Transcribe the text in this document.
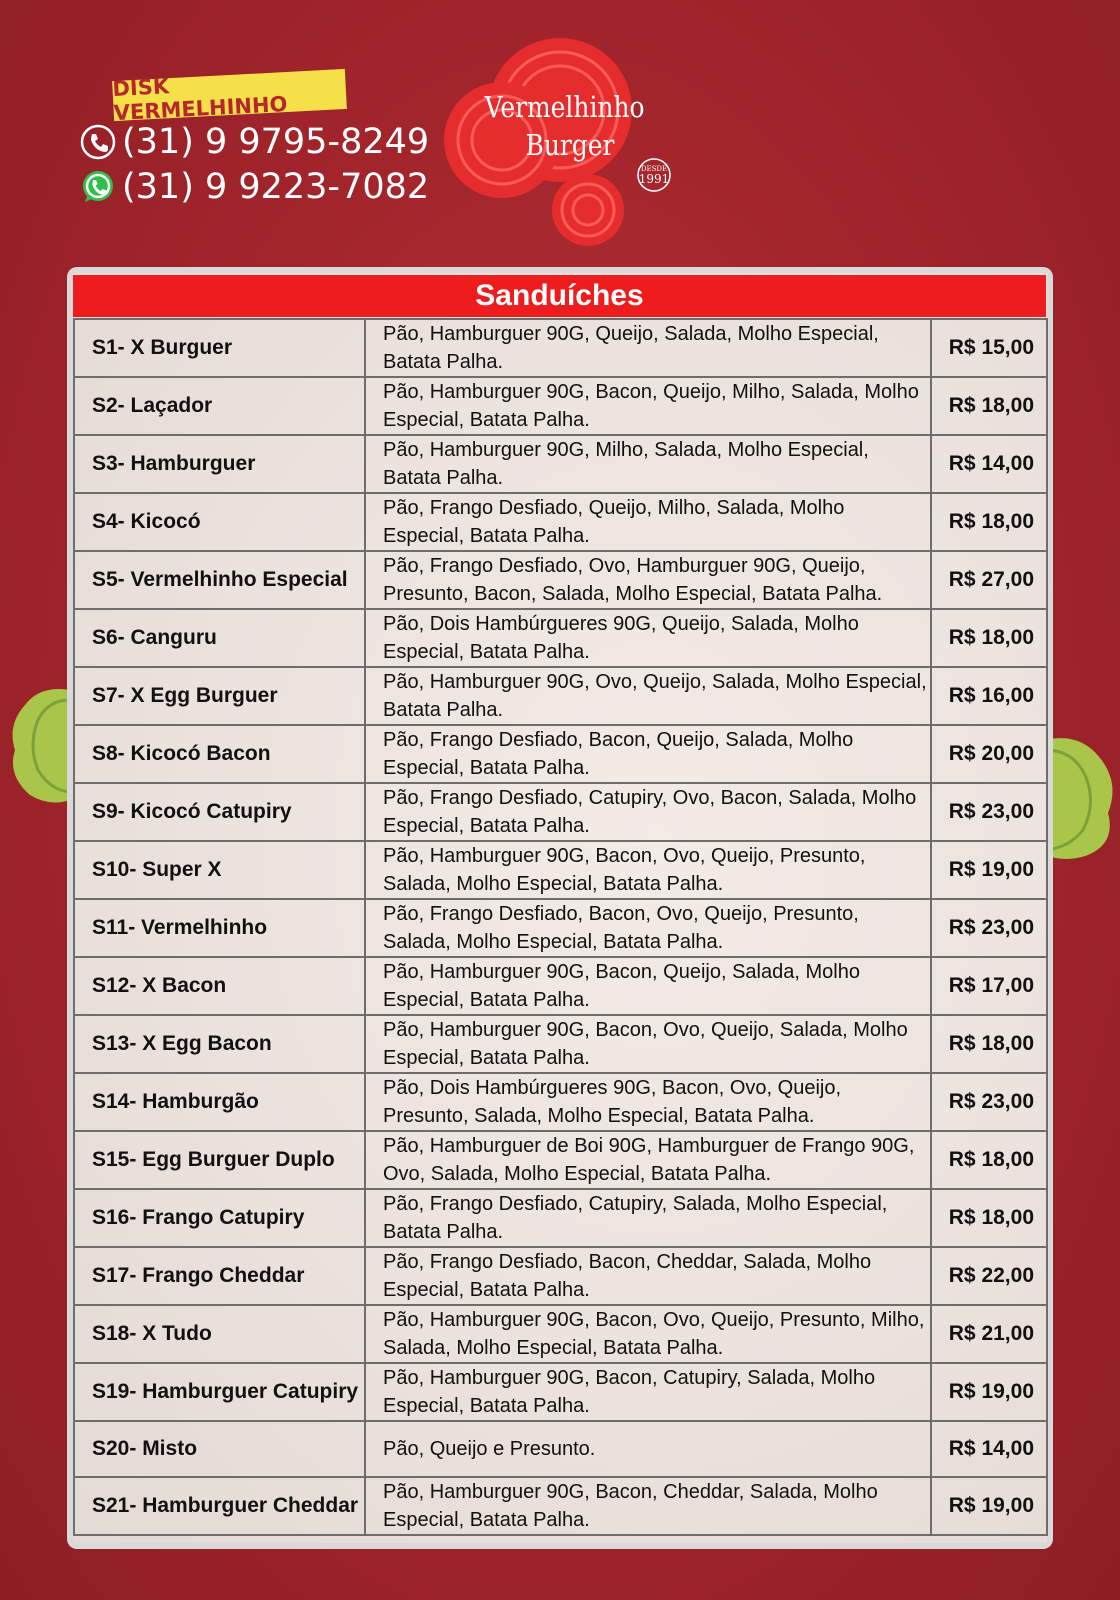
DISK VERMELHINHO
(31) 9 9795-8249
(31) 9 9223-7082
Vermelhinho
Burger
DESDE
1991
Sanduíches
S1- X Burguer	Pão, Hamburguer 90G, Queijo, Salada, Molho Especial, Batata Palha.	R$ 15,00
S2- Laçador	Pão, Hamburguer 90G, Bacon, Queijo, Milho, Salada, Molho Especial, Batata Palha.	R$ 18,00
S3- Hamburguer	Pão, Hamburguer 90G, Milho, Salada, Molho Especial, Batata Palha.	R$ 14,00
S4- Kicocó	Pão, Frango Desfiado, Queijo, Milho, Salada, Molho Especial, Batata Palha.	R$ 18,00
S5- Vermelhinho Especial	Pão, Frango Desfiado, Ovo, Hamburguer 90G, Queijo, Presunto, Bacon, Salada, Molho Especial, Batata Palha.	R$ 27,00
S6- Canguru	Pão, Dois Hambúrgueres 90G, Queijo, Salada, Molho Especial, Batata Palha.	R$ 18,00
S7- X Egg Burguer	Pão, Hamburguer 90G, Ovo, Queijo, Salada, Molho Especial, Batata Palha.	R$ 16,00
S8- Kicocó Bacon	Pão, Frango Desfiado, Bacon, Queijo, Salada, Molho Especial, Batata Palha.	R$ 20,00
S9- Kicocó Catupiry	Pão, Frango Desfiado, Catupiry, Ovo, Bacon, Salada, Molho Especial, Batata Palha.	R$ 23,00
S10- Super X	Pão, Hamburguer 90G, Bacon, Ovo, Queijo, Presunto, Salada, Molho Especial, Batata Palha.	R$ 19,00
S11- Vermelhinho	Pão, Frango Desfiado, Bacon, Ovo, Queijo, Presunto, Salada, Molho Especial, Batata Palha.	R$ 23,00
S12- X Bacon	Pão, Hamburguer 90G, Bacon, Queijo, Salada, Molho Especial, Batata Palha.	R$ 17,00
S13- X Egg Bacon	Pão, Hamburguer 90G, Bacon, Ovo, Queijo, Salada, Molho Especial, Batata Palha.	R$ 18,00
S14- Hamburgão	Pão, Dois Hambúrgueres 90G, Bacon, Ovo, Queijo, Presunto, Salada, Molho Especial, Batata Palha.	R$ 23,00
S15- Egg Burguer Duplo	Pão, Hamburguer de Boi 90G, Hamburguer de Frango 90G, Ovo, Salada, Molho Especial, Batata Palha.	R$ 18,00
S16- Frango Catupiry	Pão, Frango Desfiado, Catupiry, Salada, Molho Especial, Batata Palha.	R$ 18,00
S17- Frango Cheddar	Pão, Frango Desfiado, Bacon, Cheddar, Salada, Molho Especial, Batata Palha.	R$ 22,00
S18- X Tudo	Pão, Hamburguer 90G, Bacon, Ovo, Queijo, Presunto, Milho, Salada, Molho Especial, Batata Palha.	R$ 21,00
S19- Hamburguer Catupiry	Pão, Hamburguer 90G, Bacon, Catupiry, Salada, Molho Especial, Batata Palha.	R$ 19,00
S20- Misto	Pão, Queijo e Presunto.	R$ 14,00
S21- Hamburguer Cheddar	Pão, Hamburguer 90G, Bacon, Cheddar, Salada, Molho Especial, Batata Palha.	R$ 19,00
